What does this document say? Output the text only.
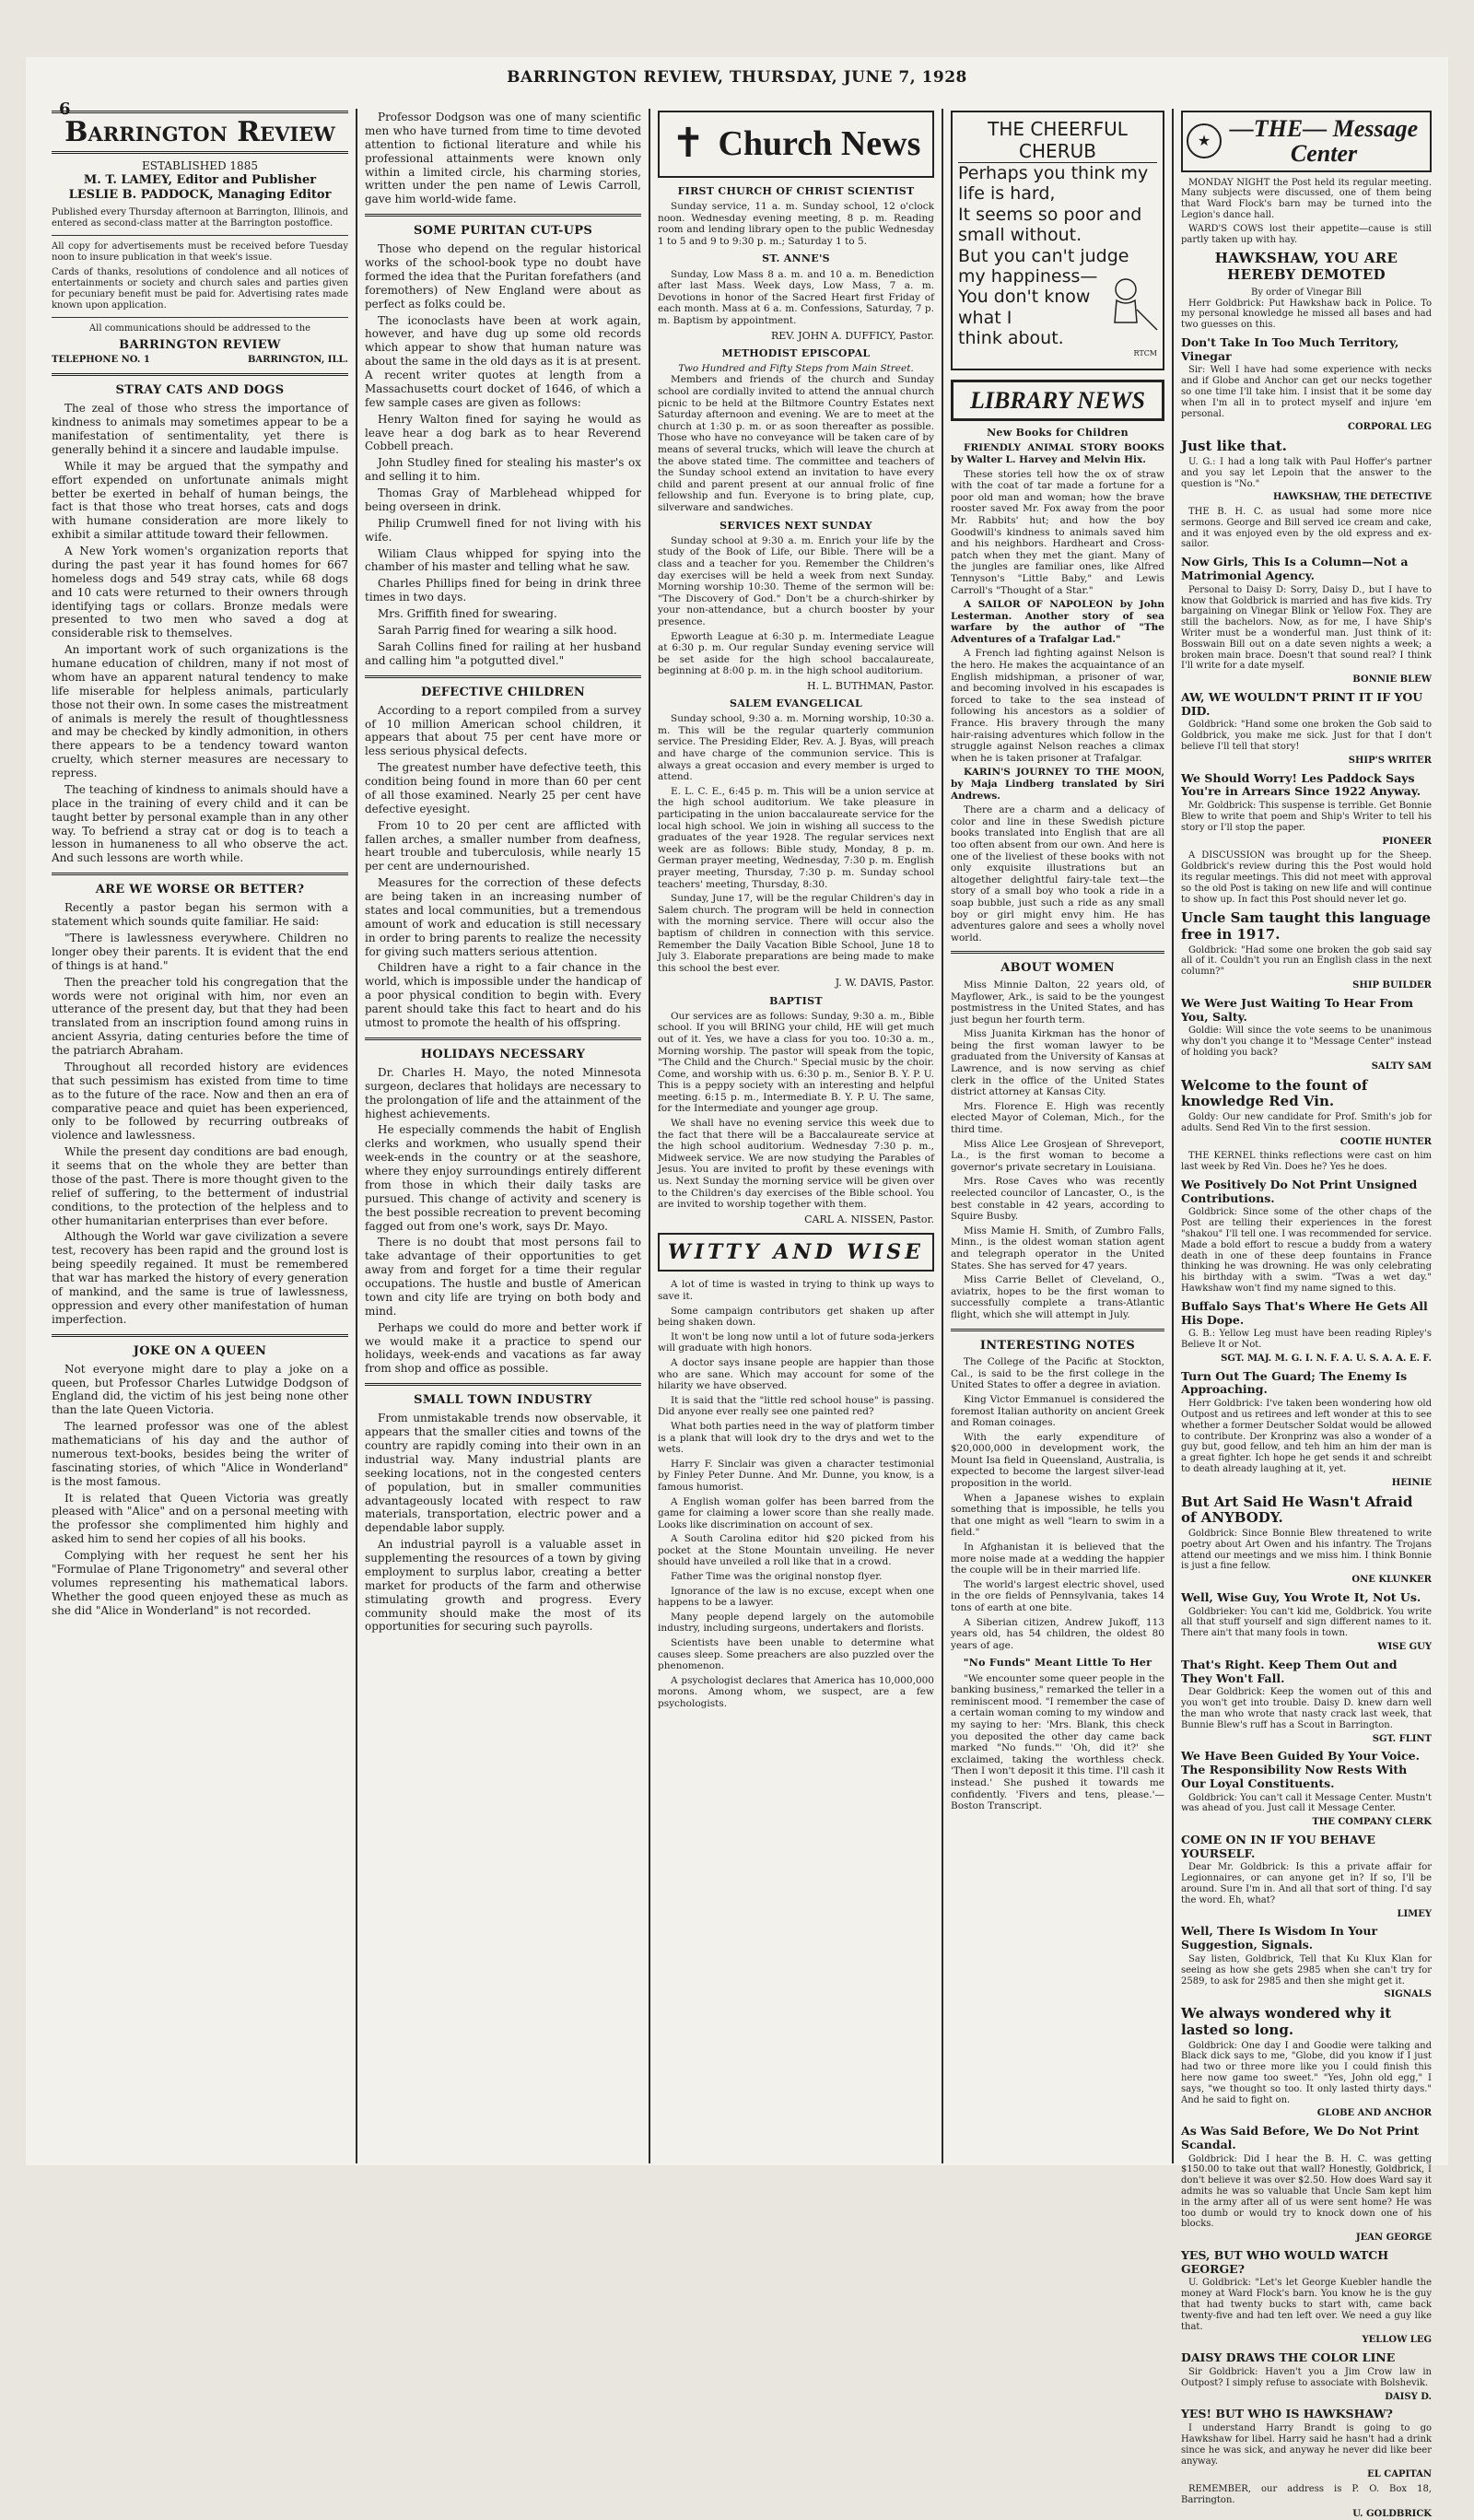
BARRINGTON REVIEW, THURSDAY, JUNE 7, 1928
6
Barrington Review
ESTABLISHED 1885
M. T. LAMEY, Editor and Publisher
LESLIE B. PADDOCK, Managing Editor
Published every Thursday afternoon at Barrington, Illinois, and entered as second-class matter at the Barrington postoffice.
All copy for advertisements must be received before Tuesday noon to insure publication in that week's issue.
Cards of thanks, resolutions of condolence and all notices of entertainments or society and church sales and parties given for pecuniary benefit must be paid for. Advertising rates made known upon application.
All communications should be addressed to the
BARRINGTON REVIEW
TELEPHONE NO. 1	BARRINGTON, ILL.
STRAY CATS AND DOGS

The zeal of those who stress the importance of kindness to animals may sometimes appear to be a manifestation of sentimentality, yet there is generally behind it a sincere and laudable impulse.

While it may be argued that the sympathy and effort expended on unfortunate animals might better be exerted in behalf of human beings, the fact is that those who treat horses, cats and dogs with humane consideration are more likely to exhibit a similar attitude toward their fellowmen.

A New York women's organization reports that during the past year it has found homes for 667 homeless dogs and 549 stray cats, while 68 dogs and 10 cats were returned to their owners through identifying tags or collars. Bronze medals were presented to two men who saved a dog at considerable risk to themselves.

An important work of such organizations is the humane education of children, many if not most of whom have an apparent natural tendency to make life miserable for helpless animals, particularly those not their own. In some cases the mistreatment of animals is merely the result of thoughtlessness and may be checked by kindly admonition, in others there appears to be a tendency toward wanton cruelty, which sterner measures are necessary to repress.

The teaching of kindness to animals should have a place in the training of every child and it can be taught better by personal example than in any other way. To befriend a stray cat or dog is to teach a lesson in humaneness to all who observe the act. And such lessons are worth while.

ARE WE WORSE OR BETTER?

Recently a pastor began his sermon with a statement which sounds quite familiar. He said:

"There is lawlessness everywhere. Children no longer obey their parents. It is evident that the end of things is at hand."

Then the preacher told his congregation that the words were not original with him, nor even an utterance of the present day, but that they had been translated from an inscription found among ruins in ancient Assyria, dating centuries before the time of the patriarch Abraham.

Throughout all recorded history are evidences that such pessimism has existed from time to time as to the future of the race. Now and then an era of comparative peace and quiet has been experienced, only to be followed by recurring outbreaks of violence and lawlessness.

While the present day conditions are bad enough, it seems that on the whole they are better than those of the past. There is more thought given to the relief of suffering, to the betterment of industrial conditions, to the protection of the helpless and to other humanitarian enterprises than ever before.

Although the World war gave civilization a severe test, recovery has been rapid and the ground lost is being speedily regained. It must be remembered that war has marked the history of every generation of mankind, and the same is true of lawlessness, oppression and every other manifestation of human imperfection.

JOKE ON A QUEEN

Not everyone might dare to play a joke on a queen, but Professor Charles Lutwidge Dodgson of England did, the victim of his jest being none other than the late Queen Victoria.

The learned professor was one of the ablest mathematicians of his day and the author of numerous text-books, besides being the writer of fascinating stories, of which "Alice in Wonderland" is the most famous.

It is related that Queen Victoria was greatly pleased with "Alice" and on a personal meeting with the professor she complimented him highly and asked him to send her copies of all his books.

Complying with her request he sent her his "Formulae of Plane Trigonometry" and several other volumes representing his mathematical labors. Whether the good queen enjoyed these as much as she did "Alice in Wonderland" is not recorded.

Professor Dodgson was one of many scientific men who have turned from time to time devoted attention to fictional literature and while his professional attainments were known only within a limited circle, his charming stories, written under the pen name of Lewis Carroll, gave him world-wide fame.

SOME PURITAN CUT-UPS

Those who depend on the regular historical works of the school-book type no doubt have formed the idea that the Puritan forefathers (and foremothers) of New England were about as perfect as folks could be.

The iconoclasts have been at work again, however, and have dug up some old records which appear to show that human nature was about the same in the old days as it is at present. A recent writer quotes at length from a Massachusetts court docket of 1646, of which a few sample cases are given as follows:

Henry Walton fined for saying he would as leave hear a dog bark as to hear Reverend Cobbell preach.

John Studley fined for stealing his master's ox and selling it to him.

Thomas Gray of Marblehead whipped for being overseen in drink.

Philip Crumwell fined for not living with his wife.

Wiliam Claus whipped for spying into the chamber of his master and telling what he saw.

Charles Phillips fined for being in drink three times in two days.

Mrs. Griffith fined for swearing.

Sarah Parrig fined for wearing a silk hood.

Sarah Collins fined for railing at her husband and calling him "a potgutted divel."

DEFECTIVE CHILDREN

According to a report compiled from a survey of 10 million American school children, it appears that about 75 per cent have more or less serious physical defects.

The greatest number have defective teeth, this condition being found in more than 60 per cent of all those examined. Nearly 25 per cent have defective eyesight.

From 10 to 20 per cent are afflicted with fallen arches, a smaller number from deafness, heart trouble and tuberculosis, while nearly 15 per cent are undernourished.

Measures for the correction of these defects are being taken in an increasing number of states and local communities, but a tremendous amount of work and education is still necessary in order to bring parents to realize the necessity for giving such matters serious attention.

Children have a right to a fair chance in the world, which is impossible under the handicap of a poor physical condition to begin with. Every parent should take this fact to heart and do his utmost to promote the health of his offspring.

HOLIDAYS NECESSARY

Dr. Charles H. Mayo, the noted Minnesota surgeon, declares that holidays are necessary to the prolongation of life and the attainment of the highest achievements.

He especially commends the habit of English clerks and workmen, who usually spend their week-ends in the country or at the seashore, where they enjoy surroundings entirely different from those in which their daily tasks are pursued. This change of activity and scenery is the best possible recreation to prevent becoming fagged out from one's work, says Dr. Mayo.

There is no doubt that most persons fail to take advantage of their opportunities to get away from and forget for a time their regular occupations. The hustle and bustle of American town and city life are trying on both body and mind.

Perhaps we could do more and better work if we would make it a practice to spend our holidays, week-ends and vacations as far away from shop and office as possible.

SMALL TOWN INDUSTRY

From unmistakable trends now observable, it appears that the smaller cities and towns of the country are rapidly coming into their own in an industrial way. Many industrial plants are seeking locations, not in the congested centers of population, but in smaller communities advantageously located with respect to raw materials, transportation, electric power and a dependable labor supply.

An industrial payroll is a valuable asset in supplementing the resources of a town by giving employment to surplus labor, creating a better market for products of the farm and otherwise stimulating growth and progress. Every community should make the most of its opportunities for securing such payrolls.

✝ Church News
FIRST CHURCH OF CHRIST SCIENTIST

Sunday service, 11 a. m. Sunday school, 12 o'clock noon. Wednesday evening meeting, 8 p. m. Reading room and lending library open to the public Wednesday 1 to 5 and 9 to 9:30 p. m.; Saturday 1 to 5.

ST. ANNE'S

Sunday, Low Mass 8 a. m. and 10 a. m. Benediction after last Mass. Week days, Low Mass, 7 a. m. Devotions in honor of the Sacred Heart first Friday of each month. Mass at 6 a. m. Confessions, Saturday, 7 p. m. Baptism by appointment.

REV. JOHN A. DUFFICY, Pastor.
METHODIST EPISCOPAL
Two Hundred and Fifty Steps from Main Street.

Members and friends of the church and Sunday school are cordially invited to attend the annual church picnic to be held at the Biltmore Country Estates next Saturday afternoon and evening. We are to meet at the church at 1:30 p. m. or as soon thereafter as possible. Those who have no conveyance will be taken care of by means of several trucks, which will leave the church at the above stated time. The committee and teachers of the Sunday school extend an invitation to have every child and parent present at our annual frolic of fine fellowship and fun. Everyone is to bring plate, cup, silverware and sandwiches.

SERVICES NEXT SUNDAY

Sunday school at 9:30 a. m. Enrich your life by the study of the Book of Life, our Bible. There will be a class and a teacher for you. Remember the Children's day exercises will be held a week from next Sunday. Morning worship 10:30. Theme of the sermon will be: "The Discovery of God." Don't be a church-shirker by your non-attendance, but a church booster by your presence.

Epworth League at 6:30 p. m. Intermediate League at 6:30 p. m. Our regular Sunday evening service will be set aside for the high school baccalaureate, beginning at 8:00 p. m. in the high school auditorium.

H. L. BUTHMAN, Pastor.
SALEM EVANGELICAL

Sunday school, 9:30 a. m. Morning worship, 10:30 a. m. This will be the regular quarterly communion service. The Presiding Elder, Rev. A. J. Byas, will preach and have charge of the communion service. This is always a great occasion and every member is urged to attend.

E. L. C. E., 6:45 p. m. This will be a union service at the high school auditorium. We take pleasure in participating in the union baccalaureate service for the local high school. We join in wishing all success to the graduates of the year 1928. The regular services next week are as follows: Bible study, Monday, 8 p. m. German prayer meeting, Wednesday, 7:30 p. m. English prayer meeting, Thursday, 7:30 p. m. Sunday school teachers' meeting, Thursday, 8:30.

Sunday, June 17, will be the regular Children's day in Salem church. The program will be held in connection with the morning service. There will occur also the baptism of children in connection with this service. Remember the Daily Vacation Bible School, June 18 to July 3. Elaborate preparations are being made to make this school the best ever.

J. W. DAVIS, Pastor.
BAPTIST

Our services are as follows: Sunday, 9:30 a. m., Bible school. If you will BRING your child, HE will get much out of it. Yes, we have a class for you too. 10:30 a. m., Morning worship. The pastor will speak from the topic, "The Child and the Church." Special music by the choir. Come, and worship with us. 6:30 p. m., Senior B. Y. P. U. This is a peppy society with an interesting and helpful meeting. 6:15 p. m., Intermediate B. Y. P. U. The same, for the Intermediate and younger age group.

We shall have no evening service this week due to the fact that there will be a Baccalaureate service at the high school auditorium. Wednesday 7:30 p. m., Midweek service. We are now studying the Parables of Jesus. You are invited to profit by these evenings with us. Next Sunday the morning service will be given over to the Children's day exercises of the Bible school. You are invited to worship together with them.

CARL A. NISSEN, Pastor.
WITTY AND WISE

A lot of time is wasted in trying to think up ways to save it.

Some campaign contributors get shaken up after being shaken down.

It won't be long now until a lot of future soda-jerkers will graduate with high honors.

A doctor says insane people are happier than those who are sane. Which may account for some of the hilarity we have observed.

It is said that the "little red school house" is passing. Did anyone ever really see one painted red?

What both parties need in the way of platform timber is a plank that will look dry to the drys and wet to the wets.

Harry F. Sinclair was given a character testimonial by Finley Peter Dunne. And Mr. Dunne, you know, is a famous humorist.

A English woman golfer has been barred from the game for claiming a lower score than she really made. Looks like discrimination on account of sex.

A South Carolina editor hid $20 picked from his pocket at the Stone Mountain unveiling. He never should have unveiled a roll like that in a crowd.

Father Time was the original nonstop flyer.

Ignorance of the law is no excuse, except when one happens to be a lawyer.

Many people depend largely on the automobile industry, including surgeons, undertakers and florists.

Scientists have been unable to determine what causes sleep. Some preachers are also puzzled over the phenomenon.

A psychologist declares that America has 10,000,000 morons. Among whom, we suspect, are a few psychologists.

THE CHEERFUL CHERUB
Perhaps you think my
life is hard,
It seems so poor and
small without.
But you can't judge
my happiness—
You don't know
what I
think about.
RTCM
LIBRARY NEWS
New Books for Children

FRIENDLY ANIMAL STORY BOOKS by Walter L. Harvey and Melvin Hix.

These stories tell how the ox of straw with the coat of tar made a fortune for a poor old man and woman; how the brave rooster saved Mr. Fox away from the poor Mr. Rabbits' hut; and how the boy Goodwill's kindness to animals saved him and his neighbors. Hardheart and Cross-patch when they met the giant. Many of the jungles are familiar ones, like Alfred Tennyson's "Little Baby," and Lewis Carroll's "Thought of a Star."

A SAILOR OF NAPOLEON by John Lesterman. Another story of sea warfare by the author of "The Adventures of a Trafalgar Lad."

A French lad fighting against Nelson is the hero. He makes the acquaintance of an English midshipman, a prisoner of war, and becoming involved in his escapades is forced to take to the sea instead of following his ancestors as a soldier of France. His bravery through the many hair-raising adventures which follow in the struggle against Nelson reaches a climax when he is taken prisoner at Trafalgar.

KARIN'S JOURNEY TO THE MOON, by Maja Lindberg translated by Siri Andrews.

There are a charm and a delicacy of color and line in these Swedish picture books translated into English that are all too often absent from our own. And here is one of the liveliest of these books with not only exquisite illustrations but an altogether delightful fairy-tale text—the story of a small boy who took a ride in a soap bubble, just such a ride as any small boy or girl might envy him. He has adventures galore and sees a wholly novel world.

ABOUT WOMEN

Miss Minnie Dalton, 22 years old, of Mayflower, Ark., is said to be the youngest postmistress in the United States, and has just begun her fourth term.

Miss Juanita Kirkman has the honor of being the first woman lawyer to be graduated from the University of Kansas at Lawrence, and is now serving as chief clerk in the office of the United States district attorney at Kansas City.

Mrs. Florence E. High was recently elected Mayor of Coleman, Mich., for the third time.

Miss Alice Lee Grosjean of Shreveport, La., is the first woman to become a governor's private secretary in Louisiana.

Mrs. Rose Caves who was recently reelected councilor of Lancaster, O., is the best constable in 42 years, according to Squire Busby.

Miss Mamie H. Smith, of Zumbro Falls, Minn., is the oldest woman station agent and telegraph operator in the United States. She has served for 47 years.

Miss Carrie Bellet of Cleveland, O., aviatrix, hopes to be the first woman to successfully complete a trans-Atlantic flight, which she will attempt in July.

INTERESTING NOTES

The College of the Pacific at Stockton, Cal., is said to be the first college in the United States to offer a degree in aviation.

King Victor Emmanuel is considered the foremost Italian authority on ancient Greek and Roman coinages.

With the early expenditure of $20,000,000 in development work, the Mount Isa field in Queensland, Australia, is expected to become the largest silver-lead proposition in the world.

When a Japanese wishes to explain something that is impossible, he tells you that one might as well "learn to swim in a field."

In Afghanistan it is believed that the more noise made at a wedding the happier the couple will be in their married life.

The world's largest electric shovel, used in the ore fields of Pennsylvania, takes 14 tons of earth at one bite.

A Siberian citizen, Andrew Jukoff, 113 years old, has 54 children, the oldest 80 years of age.

"No Funds" Meant Little To Her

"We encounter some queer people in the banking business," remarked the teller in a reminiscent mood. "I remember the case of a certain woman coming to my window and my saying to her: 'Mrs. Blank, this check you deposited the other day came back marked "No funds."' 'Oh, did it?' she exclaimed, taking the worthless check. 'Then I won't deposit it this time. I'll cash it instead.' She pushed it towards me confidently. 'Fivers and tens, please.'—Boston Transcript.

★ —THE— Message Center

MONDAY NIGHT the Post held its regular meeting. Many subjects were discussed, one of them being that Ward Flock's barn may be turned into the Legion's dance hall.

WARD'S COWS lost their appetite—cause is still partly taken up with hay.

HAWKSHAW, YOU ARE HEREBY DEMOTED
By order of Vinegar Bill

Herr Goldbrick: Put Hawkshaw back in Police. To my personal knowledge he missed all bases and had two guesses on this.

Don't Take In Too Much Territory, Vinegar

Sir: Well I have had some experience with necks and if Globe and Anchor can get our necks together so one time I'll take him. I insist that it be some day when I'm all in to protect myself and injure 'em personal.

CORPORAL LEG
Just like that.

U. G.: I had a long talk with Paul Hoffer's partner and you say let Lepoin that the answer to the question is "No."

HAWKSHAW, THE DETECTIVE

THE B. H. C. as usual had some more nice sermons. George and Bill served ice cream and cake, and it was enjoyed even by the old express and ex-sailor.

Now Girls, This Is a Column—Not a Matrimonial Agency.

Personal to Daisy D: Sorry, Daisy D., but I have to know that Goldbrick is married and has five kids. Try bargaining on Vinegar Blink or Yellow Fox. They are still the bachelors. Now, as for me, I have Ship's Writer must be a wonderful man. Just think of it: Bosswain Bill out on a date seven nights a week; a broken main brace. Doesn't that sound real? I think I'll write for a date myself.

BONNIE BLEW
AW, WE WOULDN'T PRINT IT IF YOU DID.

Goldbrick: "Hand some one broken the Gob said to Goldbrick, you make me sick. Just for that I don't believe I'll tell that story!

SHIP'S WRITER
We Should Worry! Les Paddock Says You're in Arrears Since 1922 Anyway.

Mr. Goldbrick: This suspense is terrible. Get Bonnie Blew to write that poem and Ship's Writer to tell his story or I'll stop the paper.

PIONEER

A DISCUSSION was brought up for the Sheep. Goldbrick's review during this the Post would hold its regular meetings. This did not meet with approval so the old Post is taking on new life and will continue to show up. In fact this Post should never let go.

Uncle Sam taught this language free in 1917.

Goldbrick: "Had some one broken the gob said say all of it. Couldn't you run an English class in the next column?"

SHIP BUILDER
We Were Just Waiting To Hear From You, Salty.

Goldie: Will since the vote seems to be unanimous why don't you change it to "Message Center" instead of holding you back?

SALTY SAM
Welcome to the fount of knowledge Red Vin.

Goldy: Our new candidate for Prof. Smith's job for adults. Send Red Vin to the first session.

COOTIE HUNTER

THE KERNEL thinks reflections were cast on him last week by Red Vin. Does he? Yes he does.

We Positively Do Not Print Unsigned Contributions.

Goldbrick: Since some of the other chaps of the Post are telling their experiences in the forest "shakou" I'll tell one. I was recommended for service. Made a bold effort to rescue a buddy from a watery death in one of these deep fountains in France thinking he was drowning. He was only celebrating his birthday with a swim. "Twas a wet day." Hawkshaw won't find my name signed to this.

Buffalo Says That's Where He Gets All His Dope.

G. B.: Yellow Leg must have been reading Ripley's Believe It or Not.

SGT. MAJ. M. G. I. N. F. A. U. S. A. A. E. F.
Turn Out The Guard; The Enemy Is Approaching.

Herr Goldbrick: I've taken been wondering how old Outpost and us retirees and left wonder at this to see whether a former Deutscher Soldat would be allowed to contribute. Der Kronprinz was also a wonder of a guy but, good fellow, and teh him an him der man is a great fighter. Ich hope he get sends it and schreibt to death already laughing at it, yet.

HEINIE
But Art Said He Wasn't Afraid of ANYBODY.

Goldbrick: Since Bonnie Blew threatened to write poetry about Art Owen and his infantry. The Trojans attend our meetings and we miss him. I think Bonnie is just a fine fellow.

ONE KLUNKER
Well, Wise Guy, You Wrote It, Not Us.

Goldbrieker: You can't kid me, Goldbrick. You write all that stuff yourself and sign different names to it. There ain't that many fools in town.

WISE GUY
That's Right. Keep Them Out and They Won't Fall.

Dear Goldbrick: Keep the women out of this and you won't get into trouble. Daisy D. knew darn well the man who wrote that nasty crack last week, that Bunnie Blew's ruff has a Scout in Barrington.

SGT. FLINT
We Have Been Guided By Your Voice. The Responsibility Now Rests With Our Loyal Constituents.

Goldbrick: You can't call it Message Center. Mustn't was ahead of you. Just call it Message Center.

THE COMPANY CLERK
COME ON IN IF YOU BEHAVE YOURSELF.

Dear Mr. Goldbrick: Is this a private affair for Legionnaires, or can anyone get in? If so, I'll be around. Sure I'm in. And all that sort of thing. I'd say the word. Eh, what?

LIMEY
Well, There Is Wisdom In Your Suggestion, Signals.

Say listen, Goldbrick, Tell that Ku Klux Klan for seeing as how she gets 2985 when she can't try for 2589, to ask for 2985 and then she might get it.

SIGNALS
We always wondered why it lasted so long.

Goldbrick: One day I and Goodie were talking and Black dick says to me, "Globe, did you know if I just had two or three more like you I could finish this here now game too sweet." "Yes, John old egg," I says, "we thought so too. It only lasted thirty days." And he said to fight on.

GLOBE AND ANCHOR
As Was Said Before, We Do Not Print Scandal.

Goldbrick: Did I hear the B. H. C. was getting $150.00 to take out that wall? Honestly, Goldbrick, I don't believe it was over $2.50. How does Ward say it admits he was so valuable that Uncle Sam kept him in the army after all of us were sent home? He was too dumb or would try to knock down one of his blocks.

JEAN GEORGE
YES, BUT WHO WOULD WATCH GEORGE?

U. Goldbrick: "Let's let George Kuebler handle the money at Ward Flock's barn. You know he is the guy that had twenty bucks to start with, came back twenty-five and had ten left over. We need a guy like that.

YELLOW LEG
DAISY DRAWS THE COLOR LINE

Sir Goldbrick: Haven't you a Jim Crow law in Outpost? I simply refuse to associate with Bolshevik.

DAISY D.
YES! BUT WHO IS HAWKSHAW?

I understand Harry Brandt is going to go Hawkshaw for libel. Harry said he hasn't had a drink since he was sick, and anyway he never did like beer anyway.

EL CAPITAN

REMEMBER, our address is P. O. Box 18, Barrington.

U. GOLDBRICK
